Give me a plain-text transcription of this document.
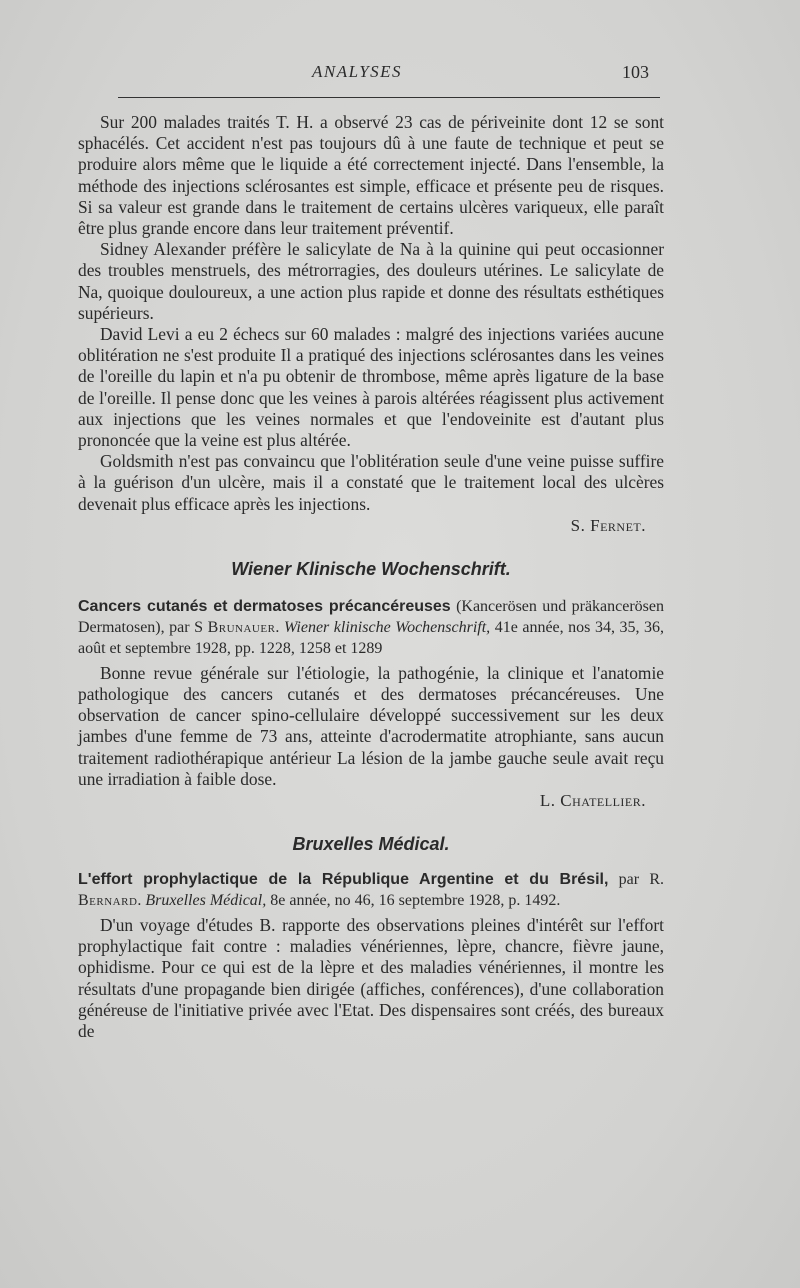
ANALYSES	103

Sur 200 malades traités T. H. a observé 23 cas de périveinite dont 12 se sont sphacélés. Cet accident n'est pas toujours dû à une faute de technique et peut se produire alors même que le liquide a été correctement injecté. Dans l'ensemble, la méthode des injections sclérosantes est simple, efficace et présente peu de risques. Si sa valeur est grande dans le traitement de certains ulcères variqueux, elle paraît être plus grande encore dans leur traitement préventif.

Sidney Alexander préfère le salicylate de Na à la quinine qui peut occasionner des troubles menstruels, des métrorragies, des douleurs utérines. Le salicylate de Na, quoique douloureux, a une action plus rapide et donne des résultats esthétiques supérieurs.

David Levi a eu 2 échecs sur 60 malades : malgré des injections variées aucune oblitération ne s'est produite Il a pratiqué des injections sclérosantes dans les veines de l'oreille du lapin et n'a pu obtenir de thrombose, même après ligature de la base de l'oreille. Il pense donc que les veines à parois altérées réagissent plus activement aux injections que les veines normales et que l'endoveinite est d'autant plus prononcée que la veine est plus altérée.

Goldsmith n'est pas convaincu que l'oblitération seule d'une veine puisse suffire à la guérison d'un ulcère, mais il a constaté que le traitement local des ulcères devenait plus efficace après les injections.

S. Fernet.

Wiener Klinische Wochenschrift.

Cancers cutanés et dermatoses précancéreuses (Kancerösen und präkancerösen Dermatosen), par S Brunauer. Wiener klinische Wochenschrift, 41e année, nos 34, 35, 36, août et septembre 1928, pp. 1228, 1258 et 1289

Bonne revue générale sur l'étiologie, la pathogénie, la clinique et l'anatomie pathologique des cancers cutanés et des dermatoses précancéreuses. Une observation de cancer spino-cellulaire développé successivement sur les deux jambes d'une femme de 73 ans, atteinte d'acrodermatite atrophiante, sans aucun traitement radiothérapique antérieur La lésion de la jambe gauche seule avait reçu une irradiation à faible dose.

L. Chatellier.

Bruxelles Médical.

L'effort prophylactique de la République Argentine et du Brésil, par R. Bernard. Bruxelles Médical, 8e année, no 46, 16 septembre 1928, p. 1492.

D'un voyage d'études B. rapporte des observations pleines d'intérêt sur l'effort prophylactique fait contre : maladies vénériennes, lèpre, chancre, fièvre jaune, ophidisme. Pour ce qui est de la lèpre et des maladies vénériennes, il montre les résultats d'une propagande bien dirigée (affiches, conférences), d'une collaboration généreuse de l'initiative privée avec l'Etat. Des dispensaires sont créés, des bureaux de
